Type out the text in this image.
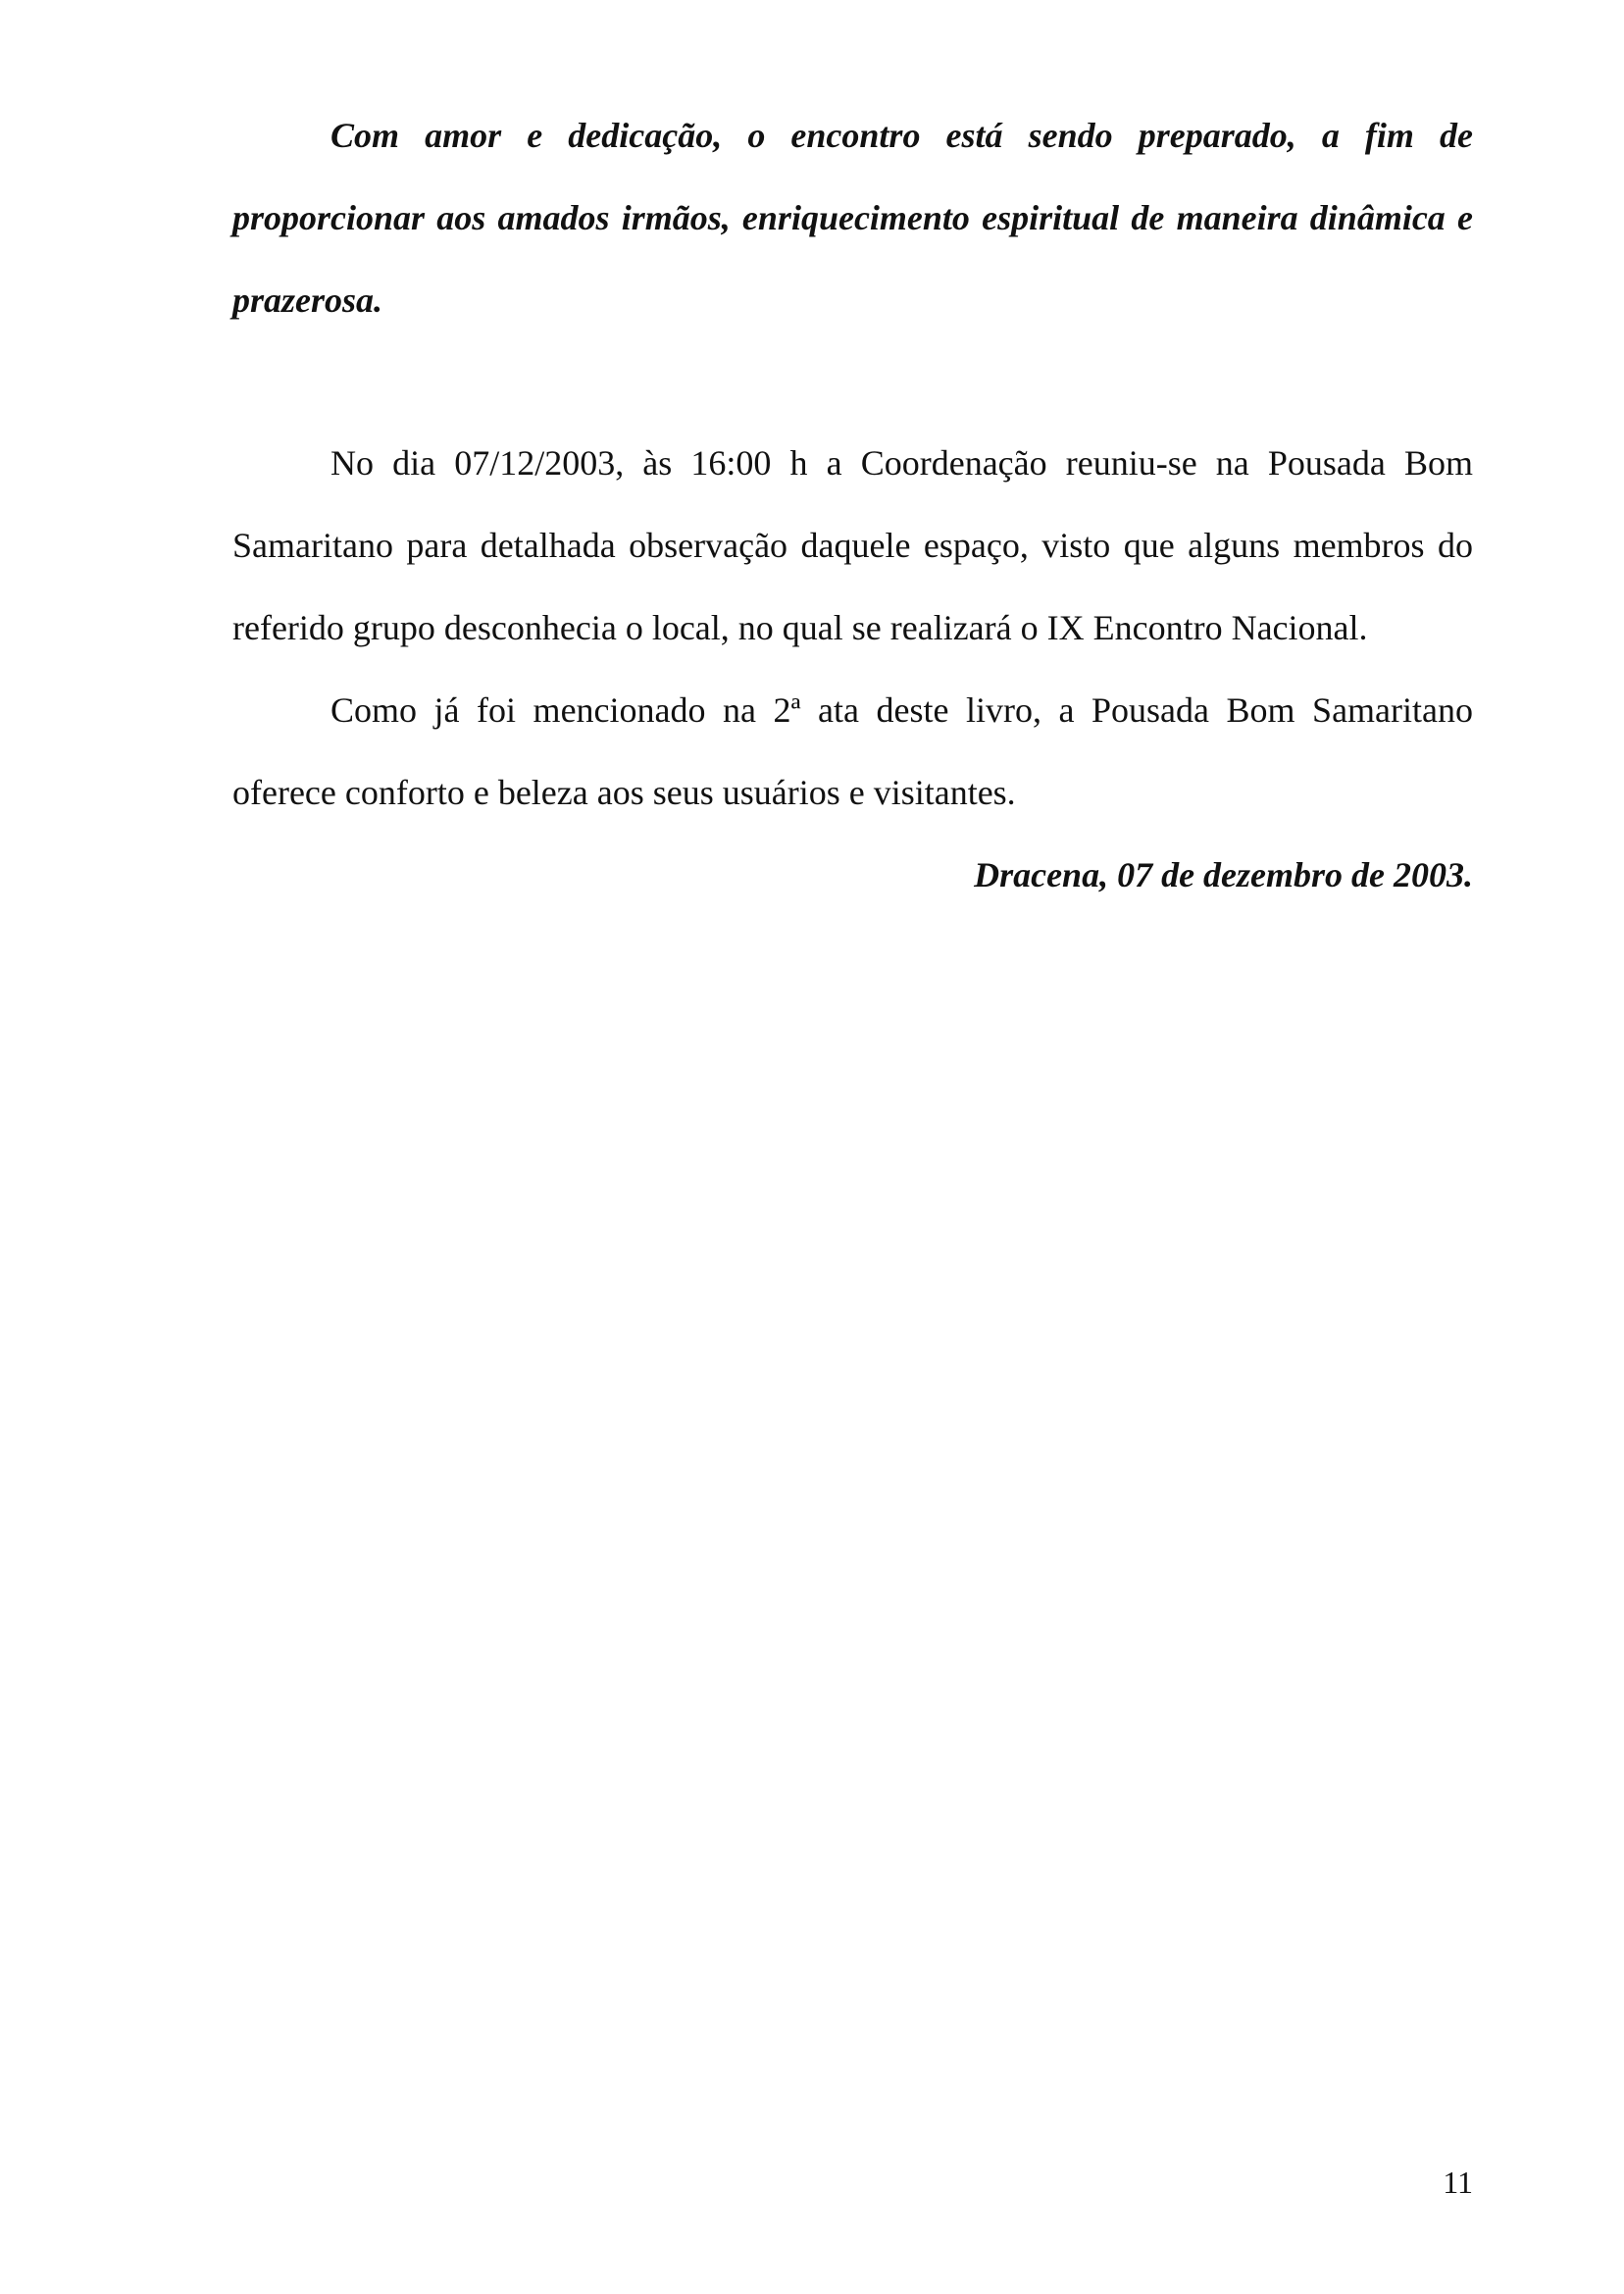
Com amor e dedicação, o encontro está sendo preparado, a fim de proporcionar aos amados irmãos, enriquecimento espiritual de maneira dinâmica e prazerosa.

No dia 07/12/2003, às 16:00 h a Coordenação reuniu-se na Pousada Bom Samaritano para detalhada observação daquele espaço, visto que alguns membros do referido grupo desconhecia o local, no qual se realizará o IX Encontro Nacional.

Como já foi mencionado na 2ª ata deste livro, a Pousada Bom Samaritano oferece conforto e beleza aos seus usuários e visitantes.

Dracena, 07 de dezembro de 2003.

11
